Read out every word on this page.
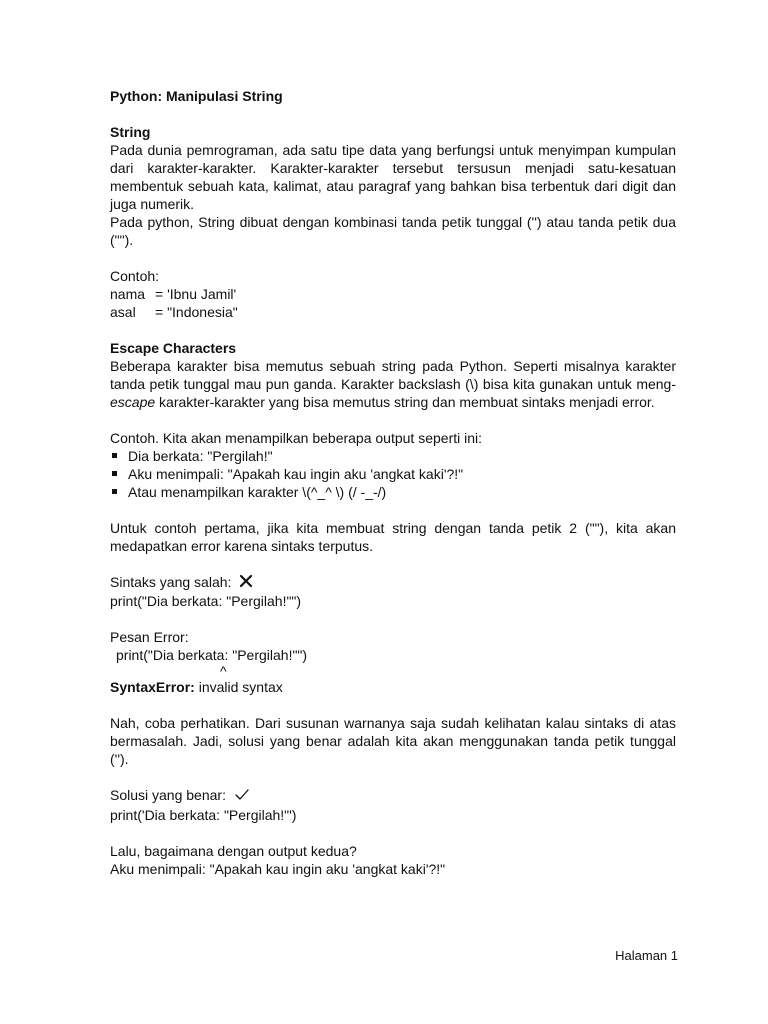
Python: Manipulasi String
String

Pada dunia pemrograman, ada satu tipe data yang berfungsi untuk menyimpan kumpulan dari karakter-karakter. Karakter-karakter tersebut tersusun menjadi satu-kesatuan membentuk sebuah kata, kalimat, atau paragraf yang bahkan bisa terbentuk dari digit dan juga numerik.

Pada python, String dibuat dengan kombinasi tanda petik tunggal ('') atau tanda petik dua ("").

Contoh:
nama = 'Ibnu Jamil'
asal	= "Indonesia"
Escape Characters

Beberapa karakter bisa memutus sebuah string pada Python. Seperti misalnya karakter tanda petik tunggal mau pun ganda. Karakter backslash (\) bisa kita gunakan untuk meng-escape karakter-karakter yang bisa memutus string dan membuat sintaks menjadi error.

Contoh. Kita akan menampilkan beberapa output seperti ini:
Dia berkata: "Pergilah!"
Aku menimpali: "Apakah kau ingin aku 'angkat kaki'?!"
Atau menampilkan karakter \(^_^ \) (/ -_-/)

Untuk contoh pertama, jika kita membuat string dengan tanda petik 2 (""), kita akan medapatkan error karena sintaks terputus.

Sintaks yang salah:
print("Dia berkata: "Pergilah!"")
Pesan Error:
print("Dia berkata: "Pergilah!"")
^
SyntaxError: invalid syntax

Nah, coba perhatikan. Dari susunan warnanya saja sudah kelihatan kalau sintaks di atas bermasalah. Jadi, solusi yang benar adalah kita akan menggunakan tanda petik tunggal ('').

Solusi yang benar:
print('Dia berkata: "Pergilah!"')
Lalu, bagaimana dengan output kedua?
Aku menimpali: "Apakah kau ingin aku 'angkat kaki'?!"
Halaman 1
